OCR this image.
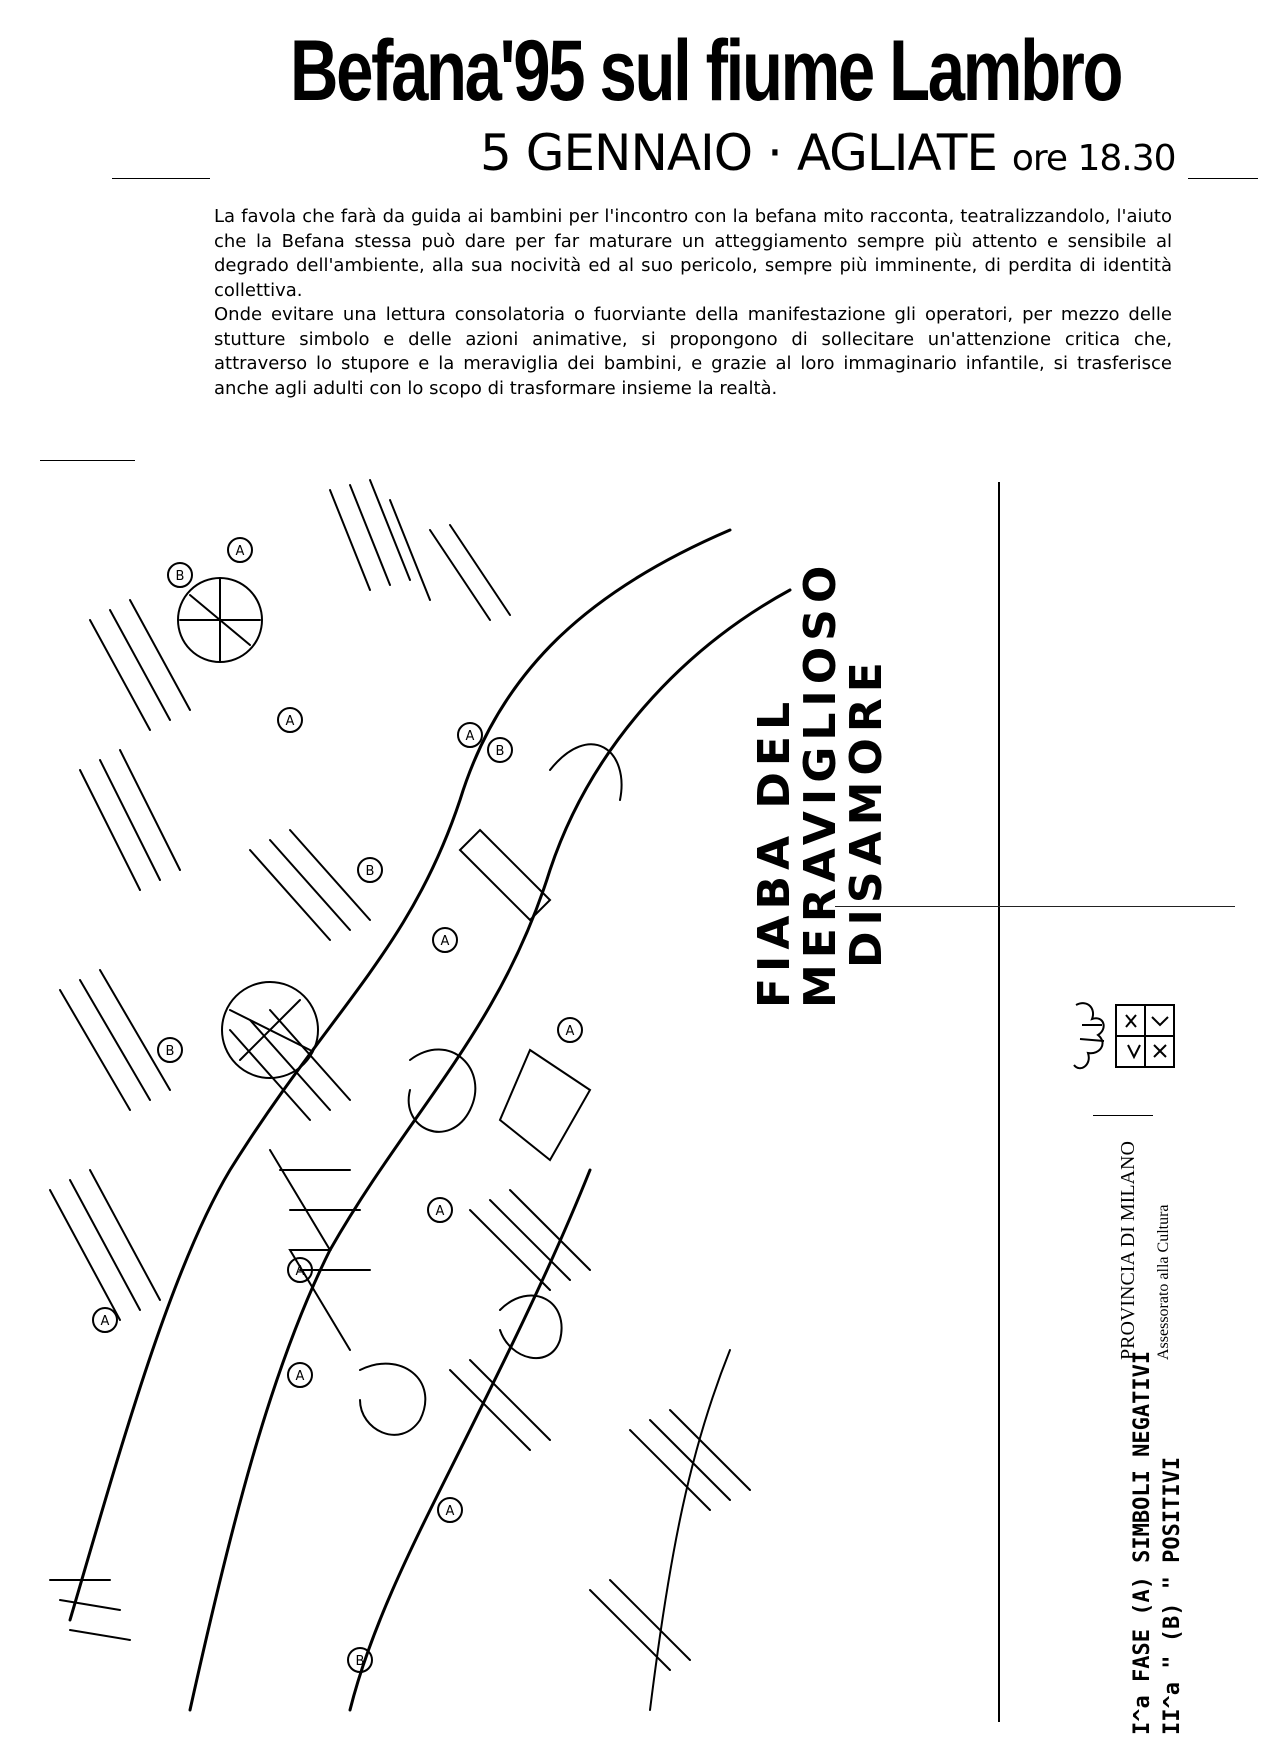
Befana'95 sul fiume Lambro
5 GENNAIO · AGLIATE ore 18.30

La favola che farà da guida ai bambini per l'incontro con la befana mito racconta, teatralizzandolo, l'aiuto che la Befana stessa può dare per far maturare un atteggiamento sempre più attento e sensibile al degrado dell'ambiente, alla sua nocività ed al suo pericolo, sempre più imminente, di perdita di identità collettiva.

Onde evitare una lettura consolatoria o fuorviante della manifestazione gli operatori, per mezzo delle stutture simbolo e delle azioni animative, si propongono di sollecitare un'attenzione critica che, attraverso lo stupore e la meraviglia dei bambini, e grazie al loro immaginario infantile, si trasferisce anche agli adulti con lo scopo di trasformare insieme la realtà.

A
B
A
A
B
B
A
B
A
A
A
A
A
A
B
FIABA DEL
MERAVIGLIOSO
DISAMORE
I^a FASE (A) SIMBOLI NEGATIVI II^a " (B) " POSITIVI
PROVINCIA DI MILANO	Assessorato alla Cultura
